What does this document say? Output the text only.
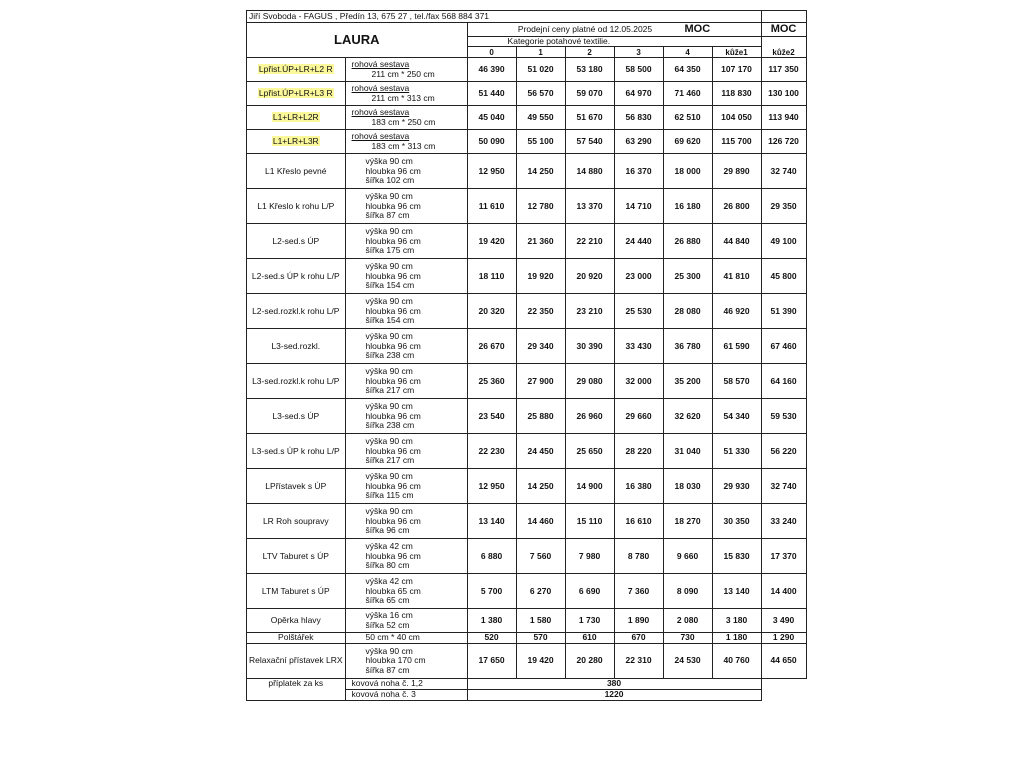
Jiří Svoboda - FAGUS , Předín 13, 675 27 , tel./fax 568 884 371								
LAURA		Prodejní ceny platné od 12.05.2025 MOC						MOC
		Kategorie potahové textilie.						kůže2
		0	1	2	3	4	kůže1	
Lpřist.ÚP+LR+L2 R	rohová sestava
211 cm * 250 cm	46 390	51 020	53 180	58 500	64 350	107 170	117 350
Lpřist.ÚP+LR+L3 R	rohová sestava
211 cm * 313 cm	51 440	56 570	59 070	64 970	71 460	118 830	130 100
L1+LR+L2R	rohová sestava
183 cm * 250 cm	45 040	49 550	51 670	56 830	62 510	104 050	113 940
L1+LR+L3R	rohová sestava
183 cm * 313 cm	50 090	55 100	57 540	63 290	69 620	115 700	126 720
L1 Křeslo pevné	výška 90 cm
hloubka 96 cm
šířka 102 cm	12 950	14 250	14 880	16 370	18 000	29 890	32 740
L1 Křeslo k rohu L/P	výška 90 cm
hloubka 96 cm
šířka 87 cm	11 610	12 780	13 370	14 710	16 180	26 800	29 350
L2-sed.s ÚP	výška 90 cm
hloubka 96 cm
šířka 175 cm	19 420	21 360	22 210	24 440	26 880	44 840	49 100
L2-sed.s ÚP k rohu L/P	výška 90 cm
hloubka 96 cm
šířka 154 cm	18 110	19 920	20 920	23 000	25 300	41 810	45 800
L2-sed.rozkl.k rohu L/P	výška 90 cm
hloubka 96 cm
šířka 154 cm	20 320	22 350	23 210	25 530	28 080	46 920	51 390
L3-sed.rozkl.	výška 90 cm
hloubka 96 cm
šířka 238 cm	26 670	29 340	30 390	33 430	36 780	61 590	67 460
L3-sed.rozkl.k rohu L/P	výška 90 cm
hloubka 96 cm
šířka 217 cm	25 360	27 900	29 080	32 000	35 200	58 570	64 160
L3-sed.s ÚP	výška 90 cm
hloubka 96 cm
šířka 238 cm	23 540	25 880	26 960	29 660	32 620	54 340	59 530
L3-sed.s ÚP k rohu L/P	výška 90 cm
hloubka 96 cm
šířka 217 cm	22 230	24 450	25 650	28 220	31 040	51 330	56 220
LPřístavek s ÚP	výška 90 cm
hloubka 96 cm
šířka 115 cm	12 950	14 250	14 900	16 380	18 030	29 930	32 740
LR Roh soupravy	výška 90 cm
hloubka 96 cm
šířka 96 cm	13 140	14 460	15 110	16 610	18 270	30 350	33 240
LTV Taburet s ÚP	výška 42 cm
hloubka 96 cm
šířka 80 cm	6 880	7 560	7 980	8 780	9 660	15 830	17 370
LTM Taburet s ÚP	výška 42 cm
hloubka 65 cm
šířka 65 cm	5 700	6 270	6 690	7 360	8 090	13 140	14 400
Opěrka hlavy	výška 16 cm
šířka 52 cm	1 380	1 580	1 730	1 890	2 080	3 180	3 490
Polštářek	50 cm * 40 cm	520	570	610	670	730	1 180	1 290
Relaxační přístavek LRX	výška 90 cm
hloubka 170 cm
šířka 87 cm	17 650	19 420	20 280	22 310	24 530	40 760	44 650
příplatek za ks	kovová noha č. 1,2	380						
	kovová noha č. 3	1220						
